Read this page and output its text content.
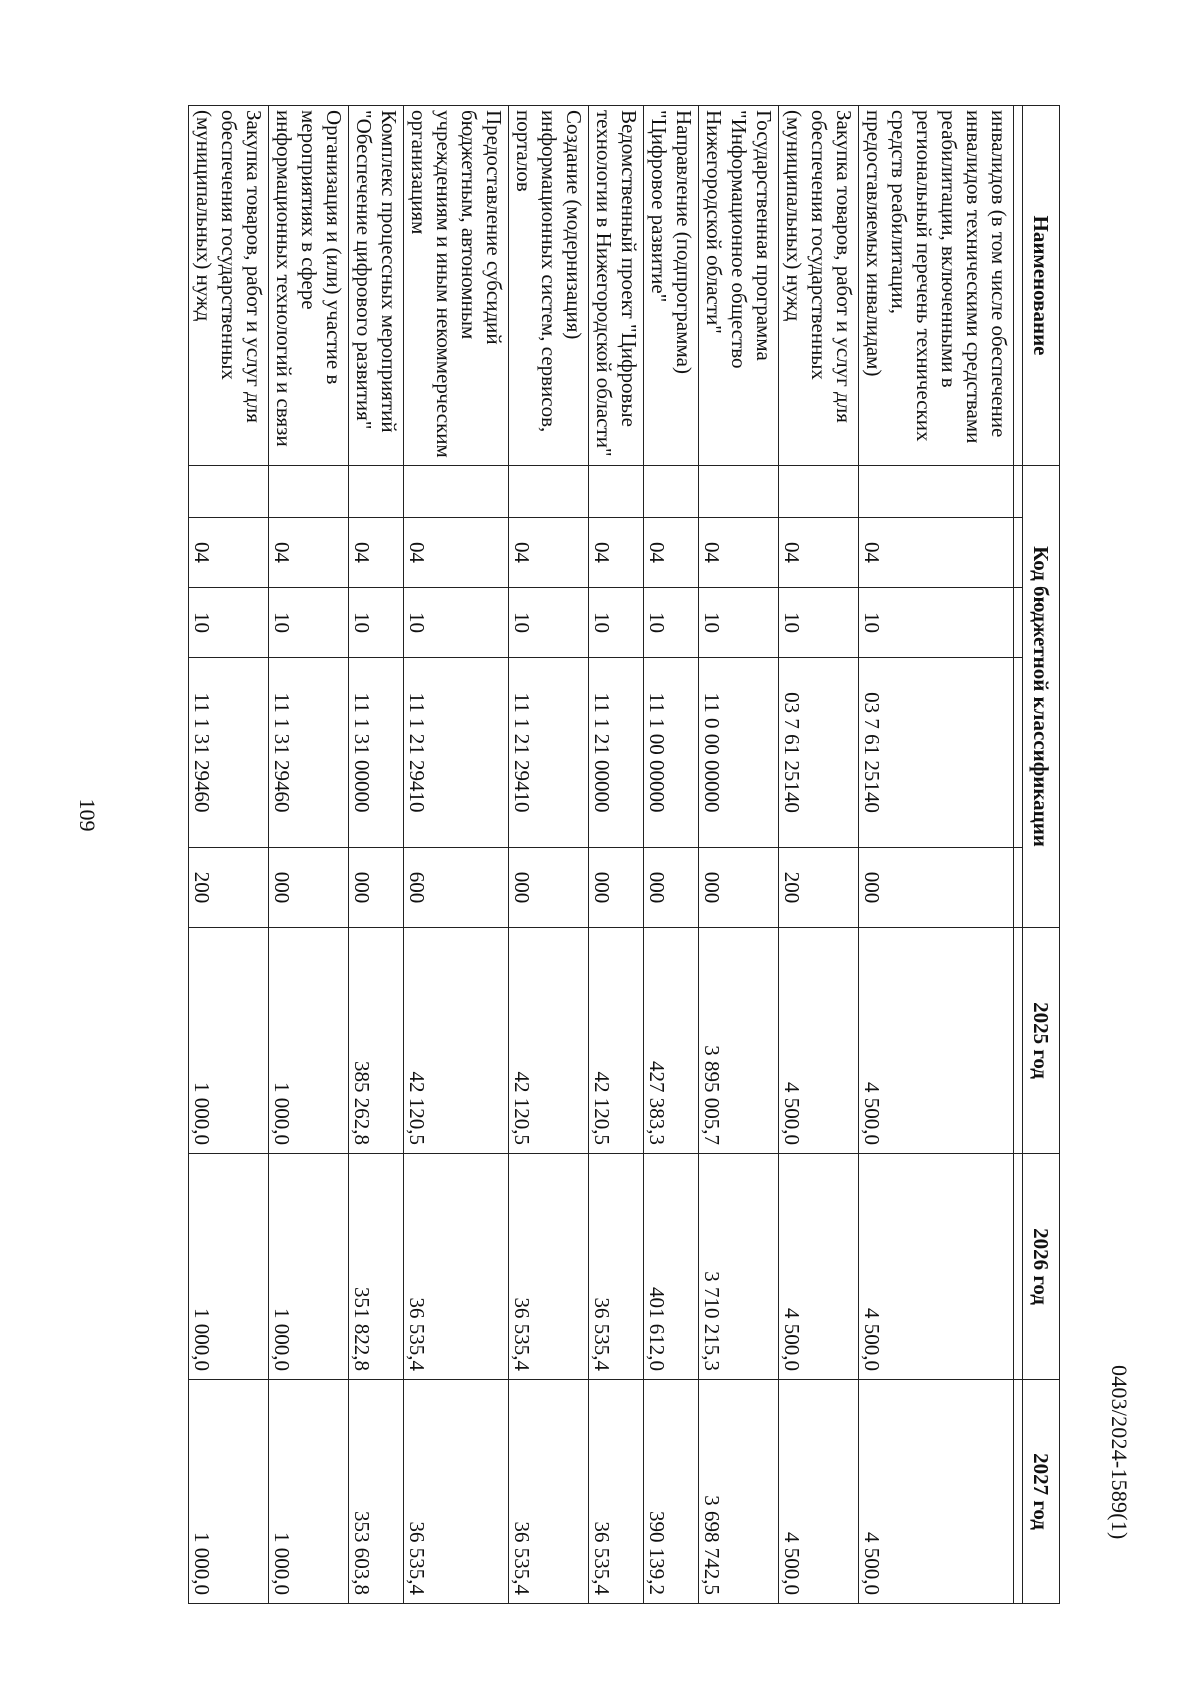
0403/2024-1589(1)
Наименование	Код бюджетной классификации					2025 год	2026 год	2027 год

инвалидов (в том числе обеспечение инвалидов техническими средствами реабилитации, включенными в региональный перечень технических средств реабилитации, предоставляемых инвалидам)		04	10	03 7 61 25140	000	4 500,0	4 500,0	4 500,0
Закупка товаров, работ и услуг для обеспечения государственных (муниципальных) нужд		04	10	03 7 61 25140	200	4 500,0	4 500,0	4 500,0
Государственная программа "Информационное общество Нижегородской области"		04	10	11 0 00 00000	000	3 895 005,7	3 710 215,3	3 698 742,5
Направление (подпрограмма) "Цифровое развитие"		04	10	11 1 00 00000	000	427 383,3	401 612,0	390 139,2
Ведомственный проект "Цифровые технологии в Нижегородской области"		04	10	11 1 21 00000	000	42 120,5	36 535,4	36 535,4
Создание (модернизация) информационных систем, сервисов, порталов		04	10	11 1 21 29410	000	42 120,5	36 535,4	36 535,4
Предоставление субсидий бюджетным, автономным учреждениям и иным некоммерческим организациям		04	10	11 1 21 29410	600	42 120,5	36 535,4	36 535,4
Комплекс процессных мероприятий "Обеспечение цифрового развития"		04	10	11 1 31 00000	000	385 262,8	351 822,8	353 603,8
Организация и (или) участие в мероприятиях в сфере информационных технологий и связи		04	10	11 1 31 29460	000	1 000,0	1 000,0	1 000,0
Закупка товаров, работ и услуг для обеспечения государственных (муниципальных) нужд		04	10	11 1 31 29460	200	1 000,0	1 000,0	1 000,0
109
